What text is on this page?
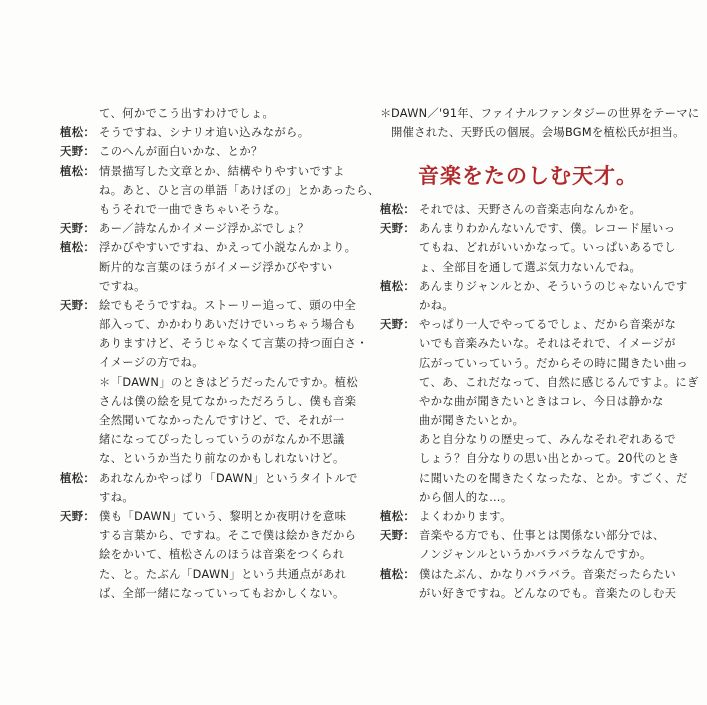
て、何かでこう出すわけでしょ。
植松： そうですね、シナリオ追い込みながら。
天野： このへんが面白いかな、とか？
植松： 情景描写した文章とか、結構やりやすいですよ
ね。あと、ひと言の単語「あけぼの」とかあったら、
もうそれで一曲できちゃいそうな。
天野： あー／詩なんかイメージ浮かぶでしょ？
植松： 浮かびやすいですね、かえって小説なんかより。
断片的な言葉のほうがイメージ浮かびやすい
ですね。
天野： 絵でもそうですね。ストーリー追って、頭の中全
部入って、かかわりあいだけでいっちゃう場合も
ありますけど、そうじゃなくて言葉の持つ面白さ・
イメージの方でね。
＊「DAWN」のときはどうだったんですか。植松
さんは僕の絵を見てなかっただろうし、僕も音楽
全然聞いてなかったんですけど、で、それが一
緒になってぴったしっていうのがなんか不思議
な、というか当たり前なのかもしれないけど。
植松： あれなんかやっぱり「DAWN」というタイトルで
すね。
天野： 僕も「DAWN」ていう、黎明とか夜明けを意味
する言葉から、ですね。そこで僕は絵かきだから
絵をかいて、植松さんのほうは音楽をつくられ
た、と。たぶん「DAWN」という共通点があれ
ば、全部一緒になっていってもおかしくない。
＊ DAWN／'91年、ファイナルファンタジーの世界をテーマに
開催された、天野氏の個展。会場BGMを植松氏が担当。
音楽をたのしむ天才。
植松： それでは、天野さんの音楽志向なんかを。
天野： あんまりわかんないんです、僕。レコード屋いっ
てもね、どれがいいかなって。いっぱいあるでし
ょ、全部目を通して選ぶ気力ないんでね。
植松： あんまりジャンルとか、そういうのじゃないんです
かね。
天野： やっぱり一人でやってるでしょ、だから音楽がな
いでも音楽みたいな。それはそれで、イメージが
広がっていっていう。だからその時に聞きたい曲っ
て、あ、これだなって、自然に感じるんですよ。にぎ
やかな曲が聞きたいときはコレ、今日は静かな
曲が聞きたいとか。
あと自分なりの歴史って、みんなそれぞれあるで
しょう？自分なりの思い出とかって。20代のとき
に聞いたのを聞きたくなったな、とか。すごく、だ
から個人的な…。
植松： よくわかります。
天野： 音楽やる方でも、仕事とは関係ない部分では、
ノンジャンルというかバラバラなんですか。
植松： 僕はたぶん、かなりバラバラ。音楽だったらたい
がい好きですね。どんなのでも。音楽たのしむ天
